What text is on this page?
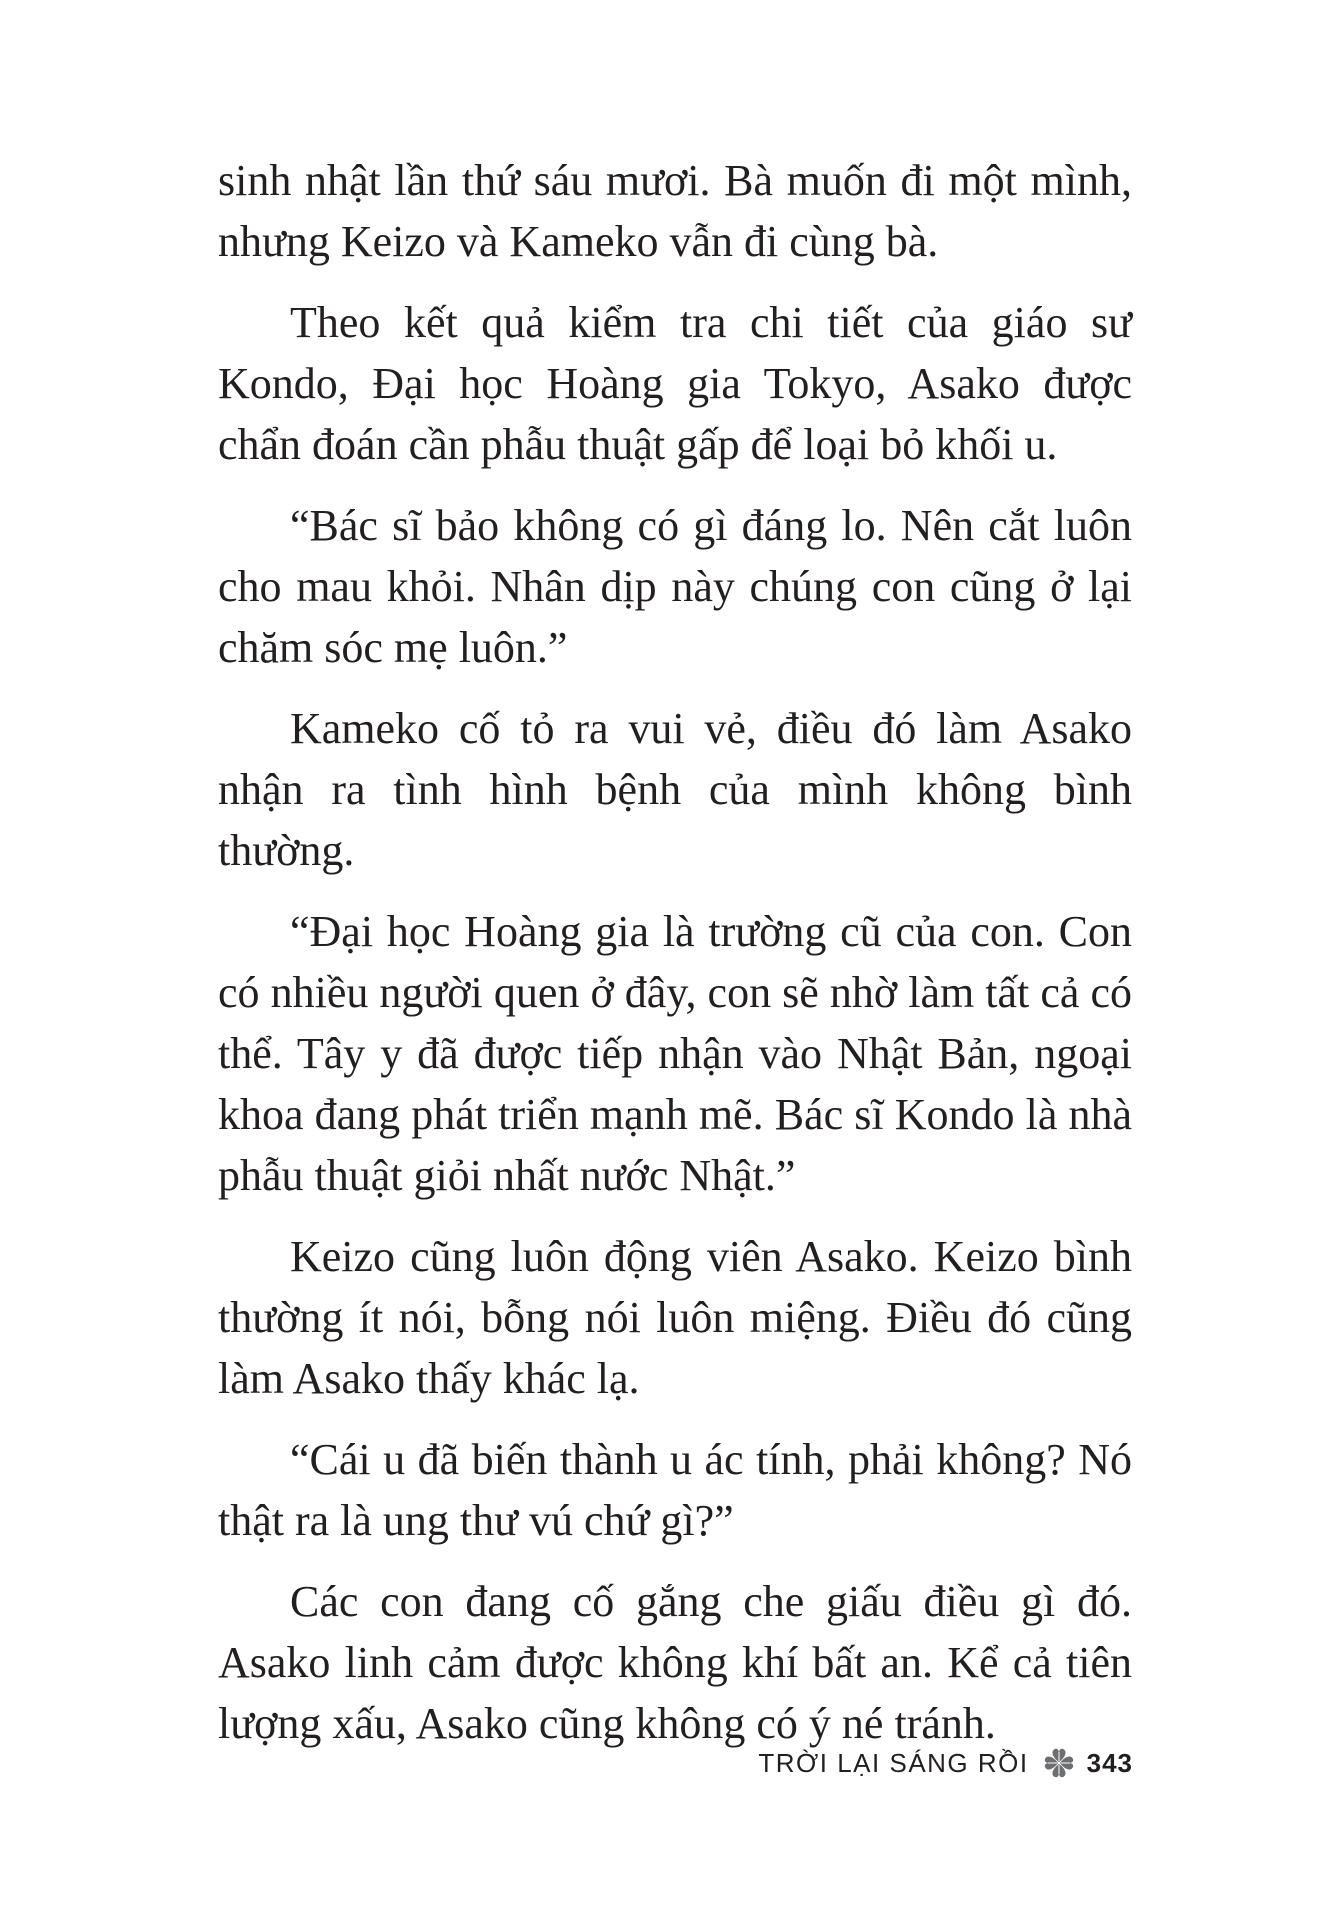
sinh nhật lần thứ sáu mươi. Bà muốn đi một mình, nhưng Keizo và Kameko vẫn đi cùng bà.

Theo kết quả kiểm tra chi tiết của giáo sư Kondo, Đại học Hoàng gia Tokyo, Asako được chẩn đoán cần phẫu thuật gấp để loại bỏ khối u.

“Bác sĩ bảo không có gì đáng lo. Nên cắt luôn cho mau khỏi. Nhân dịp này chúng con cũng ở lại chăm sóc mẹ luôn.”

Kameko cố tỏ ra vui vẻ, điều đó làm Asako nhận ra tình hình bệnh của mình không bình thường.

“Đại học Hoàng gia là trường cũ của con. Con có nhiều người quen ở đây, con sẽ nhờ làm tất cả có thể. Tây y đã được tiếp nhận vào Nhật Bản, ngoại khoa đang phát triển mạnh mẽ. Bác sĩ Kondo là nhà phẫu thuật giỏi nhất nước Nhật.”

Keizo cũng luôn động viên Asako. Keizo bình thường ít nói, bỗng nói luôn miệng. Điều đó cũng làm Asako thấy khác lạ.

“Cái u đã biến thành u ác tính, phải không? Nó thật ra là ung thư vú chứ gì?”

Các con đang cố gắng che giấu điều gì đó. Asako linh cảm được không khí bất an. Kể cả tiên lượng xấu, Asako cũng không có ý né tránh.

TRỜI LẠI SÁNG RỒI 343
